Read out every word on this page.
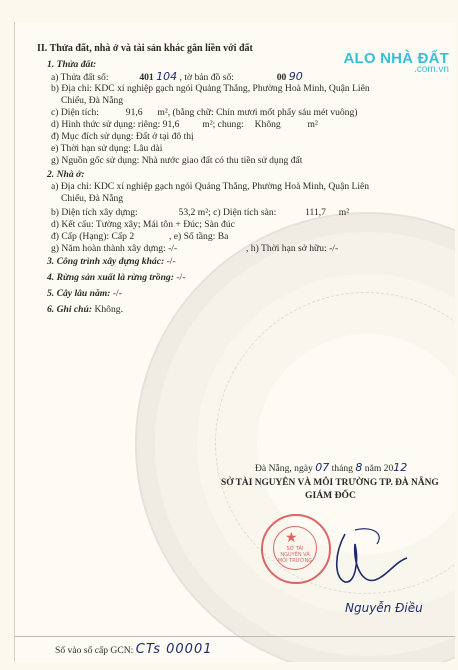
ALO NHÀ ĐẤT
.com.vn
II. Thửa đất, nhà ở và tài sản khác gắn liền với đất
1. Thửa đất:
a) Thửa đất số:	401 104 , tờ bản đồ số:	00 90
b) Địa chỉ: KDC xí nghiệp gạch ngói Quảng Thắng, Phường Hoà Minh, Quận Liên
Chiểu, Đà Nẵng
c) Diện tích:	91,6 m², (bằng chữ: Chín mươi mốt phẩy sáu mét vuông)
d) Hình thức sử dụng: riêng: 91,6 m²; chung: Không	m²
đ) Mục đích sử dụng: Đất ở tại đô thị
e) Thời hạn sử dụng: Lâu dài
g) Nguồn gốc sử dụng: Nhà nước giao đất có thu tiền sử dụng đất
2. Nhà ở:
a) Địa chỉ: KDC xí nghiệp gạch ngói Quảng Thắng, Phường Hoà Minh, Quận Liên
Chiểu, Đà Nẵng
b) Diện tích xây dựng:	53,2 m²; c) Diện tích sàn:	111,7 m²
d) Kết cấu: Tường xây; Mái tôn + Đúc; Sàn đúc
đ) Cấp (Hạng): Cấp 2	, e) Số tầng: Ba
g) Năm hoàn thành xây dựng: -/-	, h) Thời hạn sở hữu: -/-
3. Công trình xây dựng khác: -/-
4. Rừng sản xuất là rừng trồng: -/-
5. Cây lâu năm: -/-
6. Ghi chú: Không.
Đà Nẵng, ngày 07 tháng 8 năm 2012
SỞ TÀI NGUYÊN VÀ MÔI TRƯỜNG TP. ĐÀ NẴNG
GIÁM ĐỐC
★
SỞ TÀI NGUYÊN VÀ MÔI TRƯỜNG
Nguyễn Điều
Số vào sổ cấp GCN: CTs 00001
